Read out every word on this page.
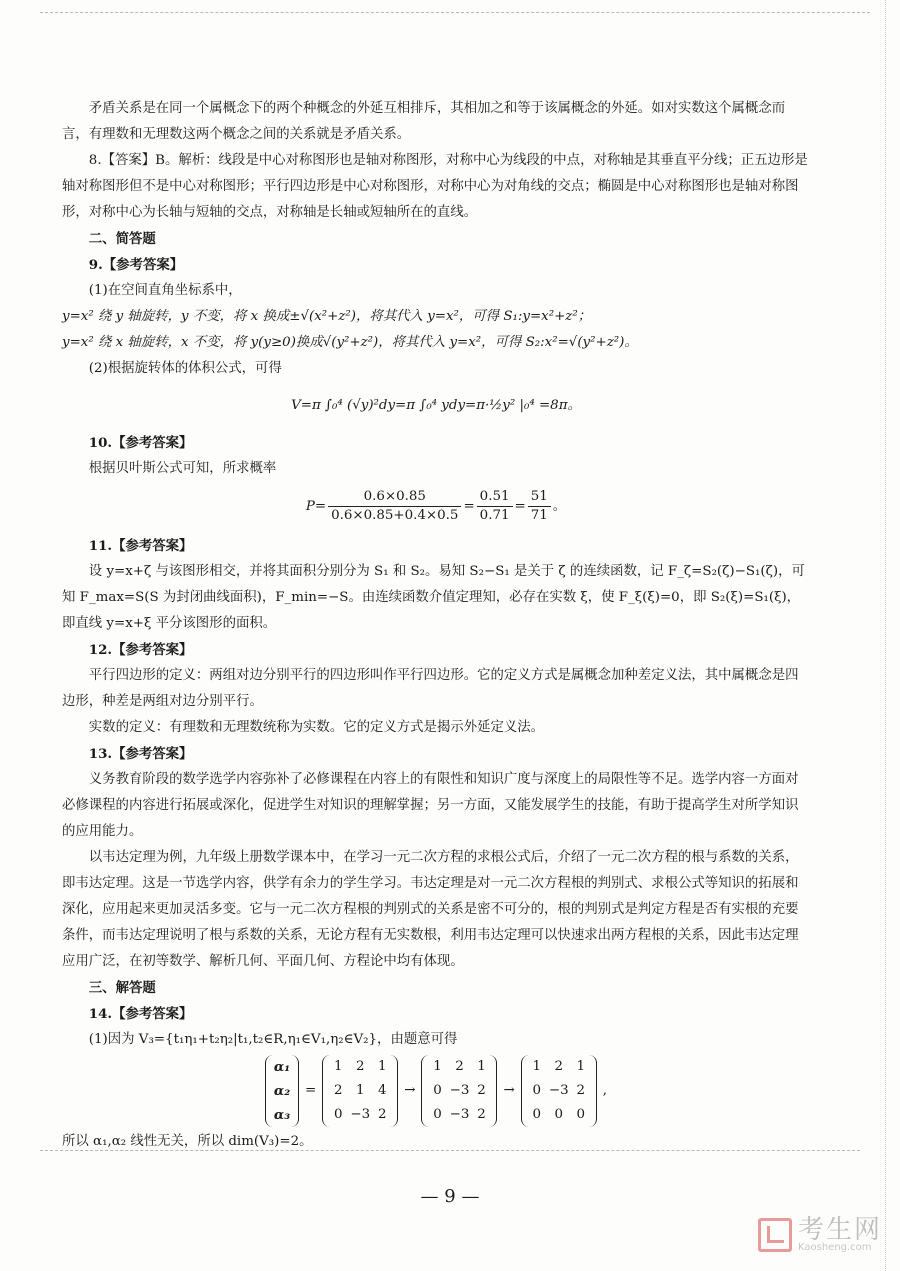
矛盾关系是在同一个属概念下的两个种概念的外延互相排斥，其相加之和等于该属概念的外延。如对实数这个属概念而言，有理数和无理数这两个概念之间的关系就是矛盾关系。

8.【答案】B。解析：线段是中心对称图形也是轴对称图形，对称中心为线段的中点，对称轴是其垂直平分线；正五边形是轴对称图形但不是中心对称图形；平行四边形是中心对称图形，对称中心为对角线的交点；椭圆是中心对称图形也是轴对称图形，对称中心为长轴与短轴的交点，对称轴是长轴或短轴所在的直线。

二、简答题

9.【参考答案】

(1)在空间直角坐标系中，

y=x² 绕 y 轴旋转，y 不变，将 x 换成±√(x²+z²)，将其代入 y=x²，可得 S₁:y=x²+z²；

y=x² 绕 x 轴旋转，x 不变，将 y(y≥0)换成√(y²+z²)，将其代入 y=x²，可得 S₂:x²=√(y²+z²)。

(2)根据旋转体的体积公式，可得

V=π ∫₀⁴ (√y)²dy=π ∫₀⁴ ydy=π·½y² |₀⁴ =8π。

10.【参考答案】

根据贝叶斯公式可知，所求概率

$P= \frac{0.6\times 0.85}{0.6\times 0.85+0.4\times 0.5} = \frac{0.51}{0.71} = \frac{51}{71}$ 。

11.【参考答案】

设 y=x+ζ 与该图形相交，并将其面积分别分为 S₁ 和 S₂。易知 S₂−S₁ 是关于 ζ 的连续函数，记 F_ζ=S₂(ζ)−S₁(ζ)，可知 F_max=S(S 为封闭曲线面积)，F_min=−S。由连续函数介值定理知，必存在实数 ξ，使 F_ξ(ξ)=0，即 S₂(ξ)=S₁(ξ)，即直线 y=x+ξ 平分该图形的面积。

12.【参考答案】

平行四边形的定义：两组对边分别平行的四边形叫作平行四边形。它的定义方式是属概念加种差定义法，其中属概念是四边形，种差是两组对边分别平行。

实数的定义：有理数和无理数统称为实数。它的定义方式是揭示外延定义法。

13.【参考答案】

义务教育阶段的数学选学内容弥补了必修课程在内容上的有限性和知识广度与深度上的局限性等不足。选学内容一方面对必修课程的内容进行拓展或深化，促进学生对知识的理解掌握；另一方面，又能发展学生的技能，有助于提高学生对所学知识的应用能力。

以韦达定理为例，九年级上册数学课本中，在学习一元二次方程的求根公式后，介绍了一元二次方程的根与系数的关系，即韦达定理。这是一节选学内容，供学有余力的学生学习。韦达定理是对一元二次方程根的判别式、求根公式等知识的拓展和深化，应用起来更加灵活多变。它与一元二次方程根的判别式的关系是密不可分的，根的判别式是判定方程是否有实根的充要条件，而韦达定理说明了根与系数的关系，无论方程有无实数根，利用韦达定理可以快速求出两方程根的关系，因此韦达定理应用广泛，在初等数学、解析几何、平面几何、方程论中均有体现。

三、解答题

14.【参考答案】

(1)因为 V₃={t₁η₁+t₂η₂|t₁,t₂∈R,η₁∈V₁,η₂∈V₂}，由题意可得

α₁
α₂
α₃
=
1	2	1
2	1	4
0 −3 2
→
1	2	1
0 −3 2
0 −3 2
→
1	2	1
0 −3 2
0	0	0
,

所以 α₁,α₂ 线性无关，所以 dim(V₃)=2。

— 9 —
考生网
Kaosheng.com
